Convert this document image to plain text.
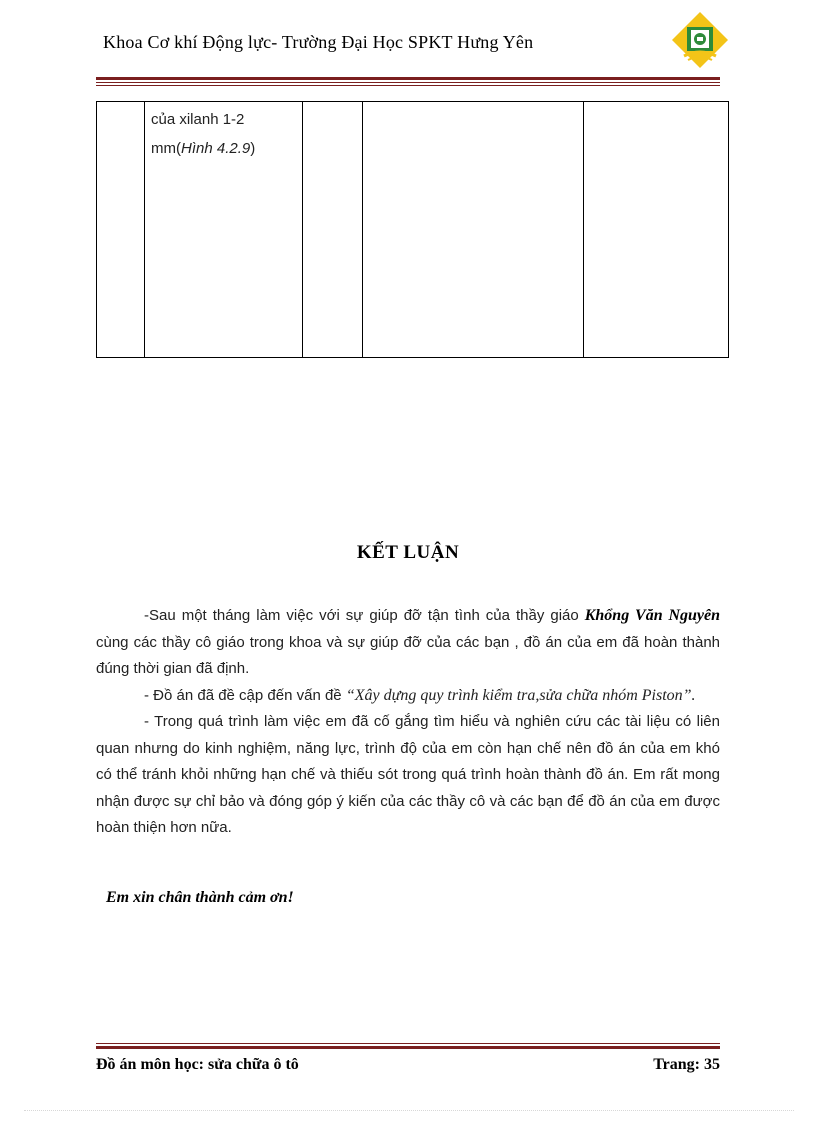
Khoa Cơ khí Động lực- Trường Đại Học SPKT Hưng Yên

của xilanh 1-2
mm(Hình 4.2.9)

KẾT LUẬN

-Sau một tháng làm việc với sự giúp đỡ tận tình của thầy giáo Khổng Văn Nguyên cùng các thầy cô giáo trong khoa và sự giúp đỡ của các bạn , đồ án của em đã hoàn thành đúng thời gian đã định.

- Đồ án đã đề cập đến vấn đề “Xây dựng quy trình kiểm tra,sửa chữa nhóm Piston”.

- Trong quá trình làm việc em đã cố gắng tìm hiểu và nghiên cứu các tài liệu có liên quan nhưng do kinh nghiệm, năng lực, trình độ của em còn hạn chế nên đồ án của em khó có thể tránh khỏi những hạn chế và thiếu sót trong quá trình hoàn thành đồ án. Em rất mong nhận được sự chỉ bảo và đóng góp ý kiến của các thầy cô và các bạn để đồ án của em được hoàn thiện hơn nữa.

Em xin chân thành cảm ơn!
Đồ án môn học: sửa chữa ô tô	Trang: 35
